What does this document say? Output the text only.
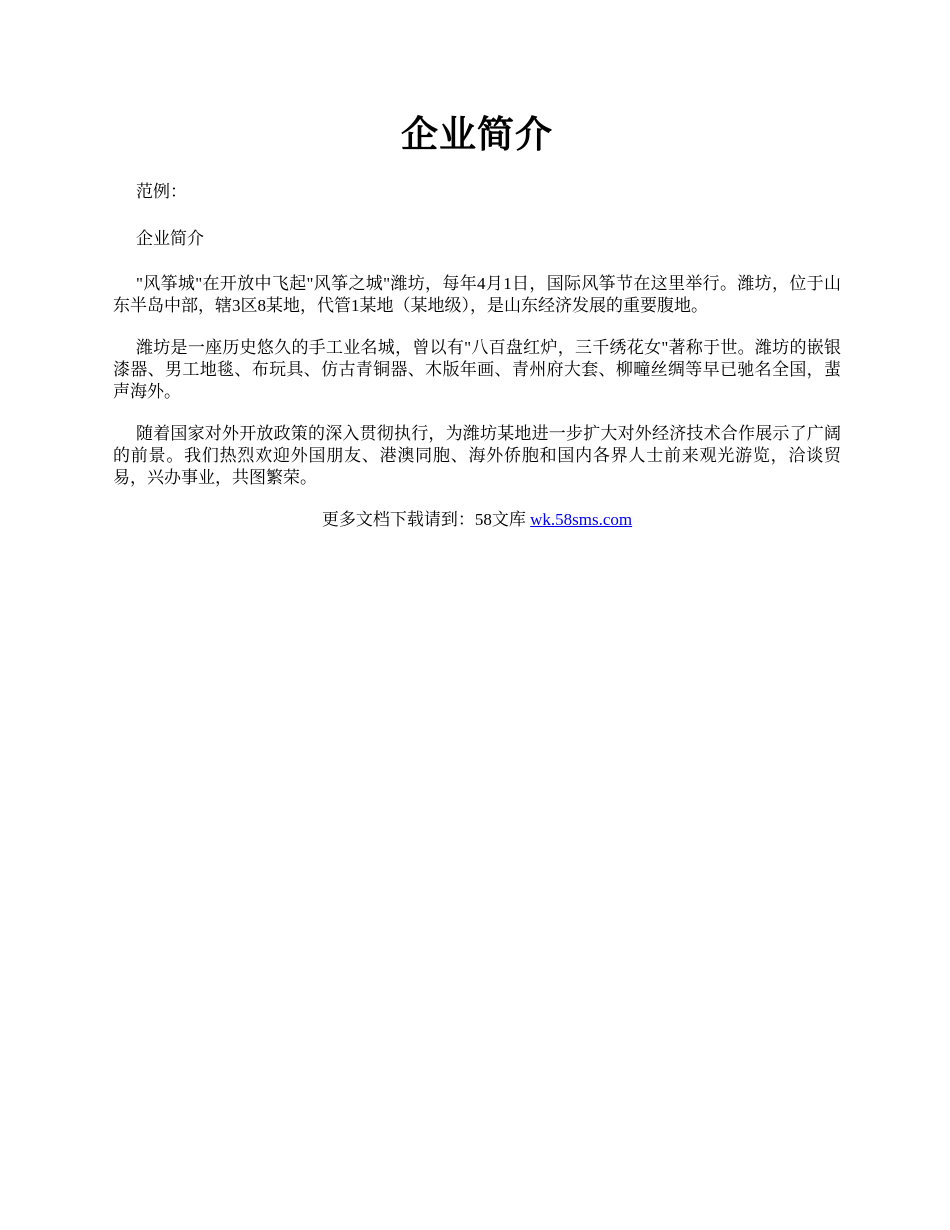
企业简介

范例：

企业简介

"风筝城"在开放中飞起"风筝之城"潍坊，每年4月1日，国际风筝节在这里举行。潍坊，位于山东半岛中部，辖3区8某地，代管1某地（某地级），是山东经济发展的重要腹地。

潍坊是一座历史悠久的手工业名城，曾以有"八百盘红炉，三千绣花女"著称于世。潍坊的嵌银漆器、男工地毯、布玩具、仿古青铜器、木版年画、青州府大套、柳疃丝绸等早已驰名全国，蜚声海外。

随着国家对外开放政策的深入贯彻执行，为潍坊某地进一步扩大对外经济技术合作展示了广阔的前景。我们热烈欢迎外国朋友、港澳同胞、海外侨胞和国内各界人士前来观光游览，洽谈贸易，兴办事业，共图繁荣。

更多文档下载请到：58文库 wk.58sms.com
